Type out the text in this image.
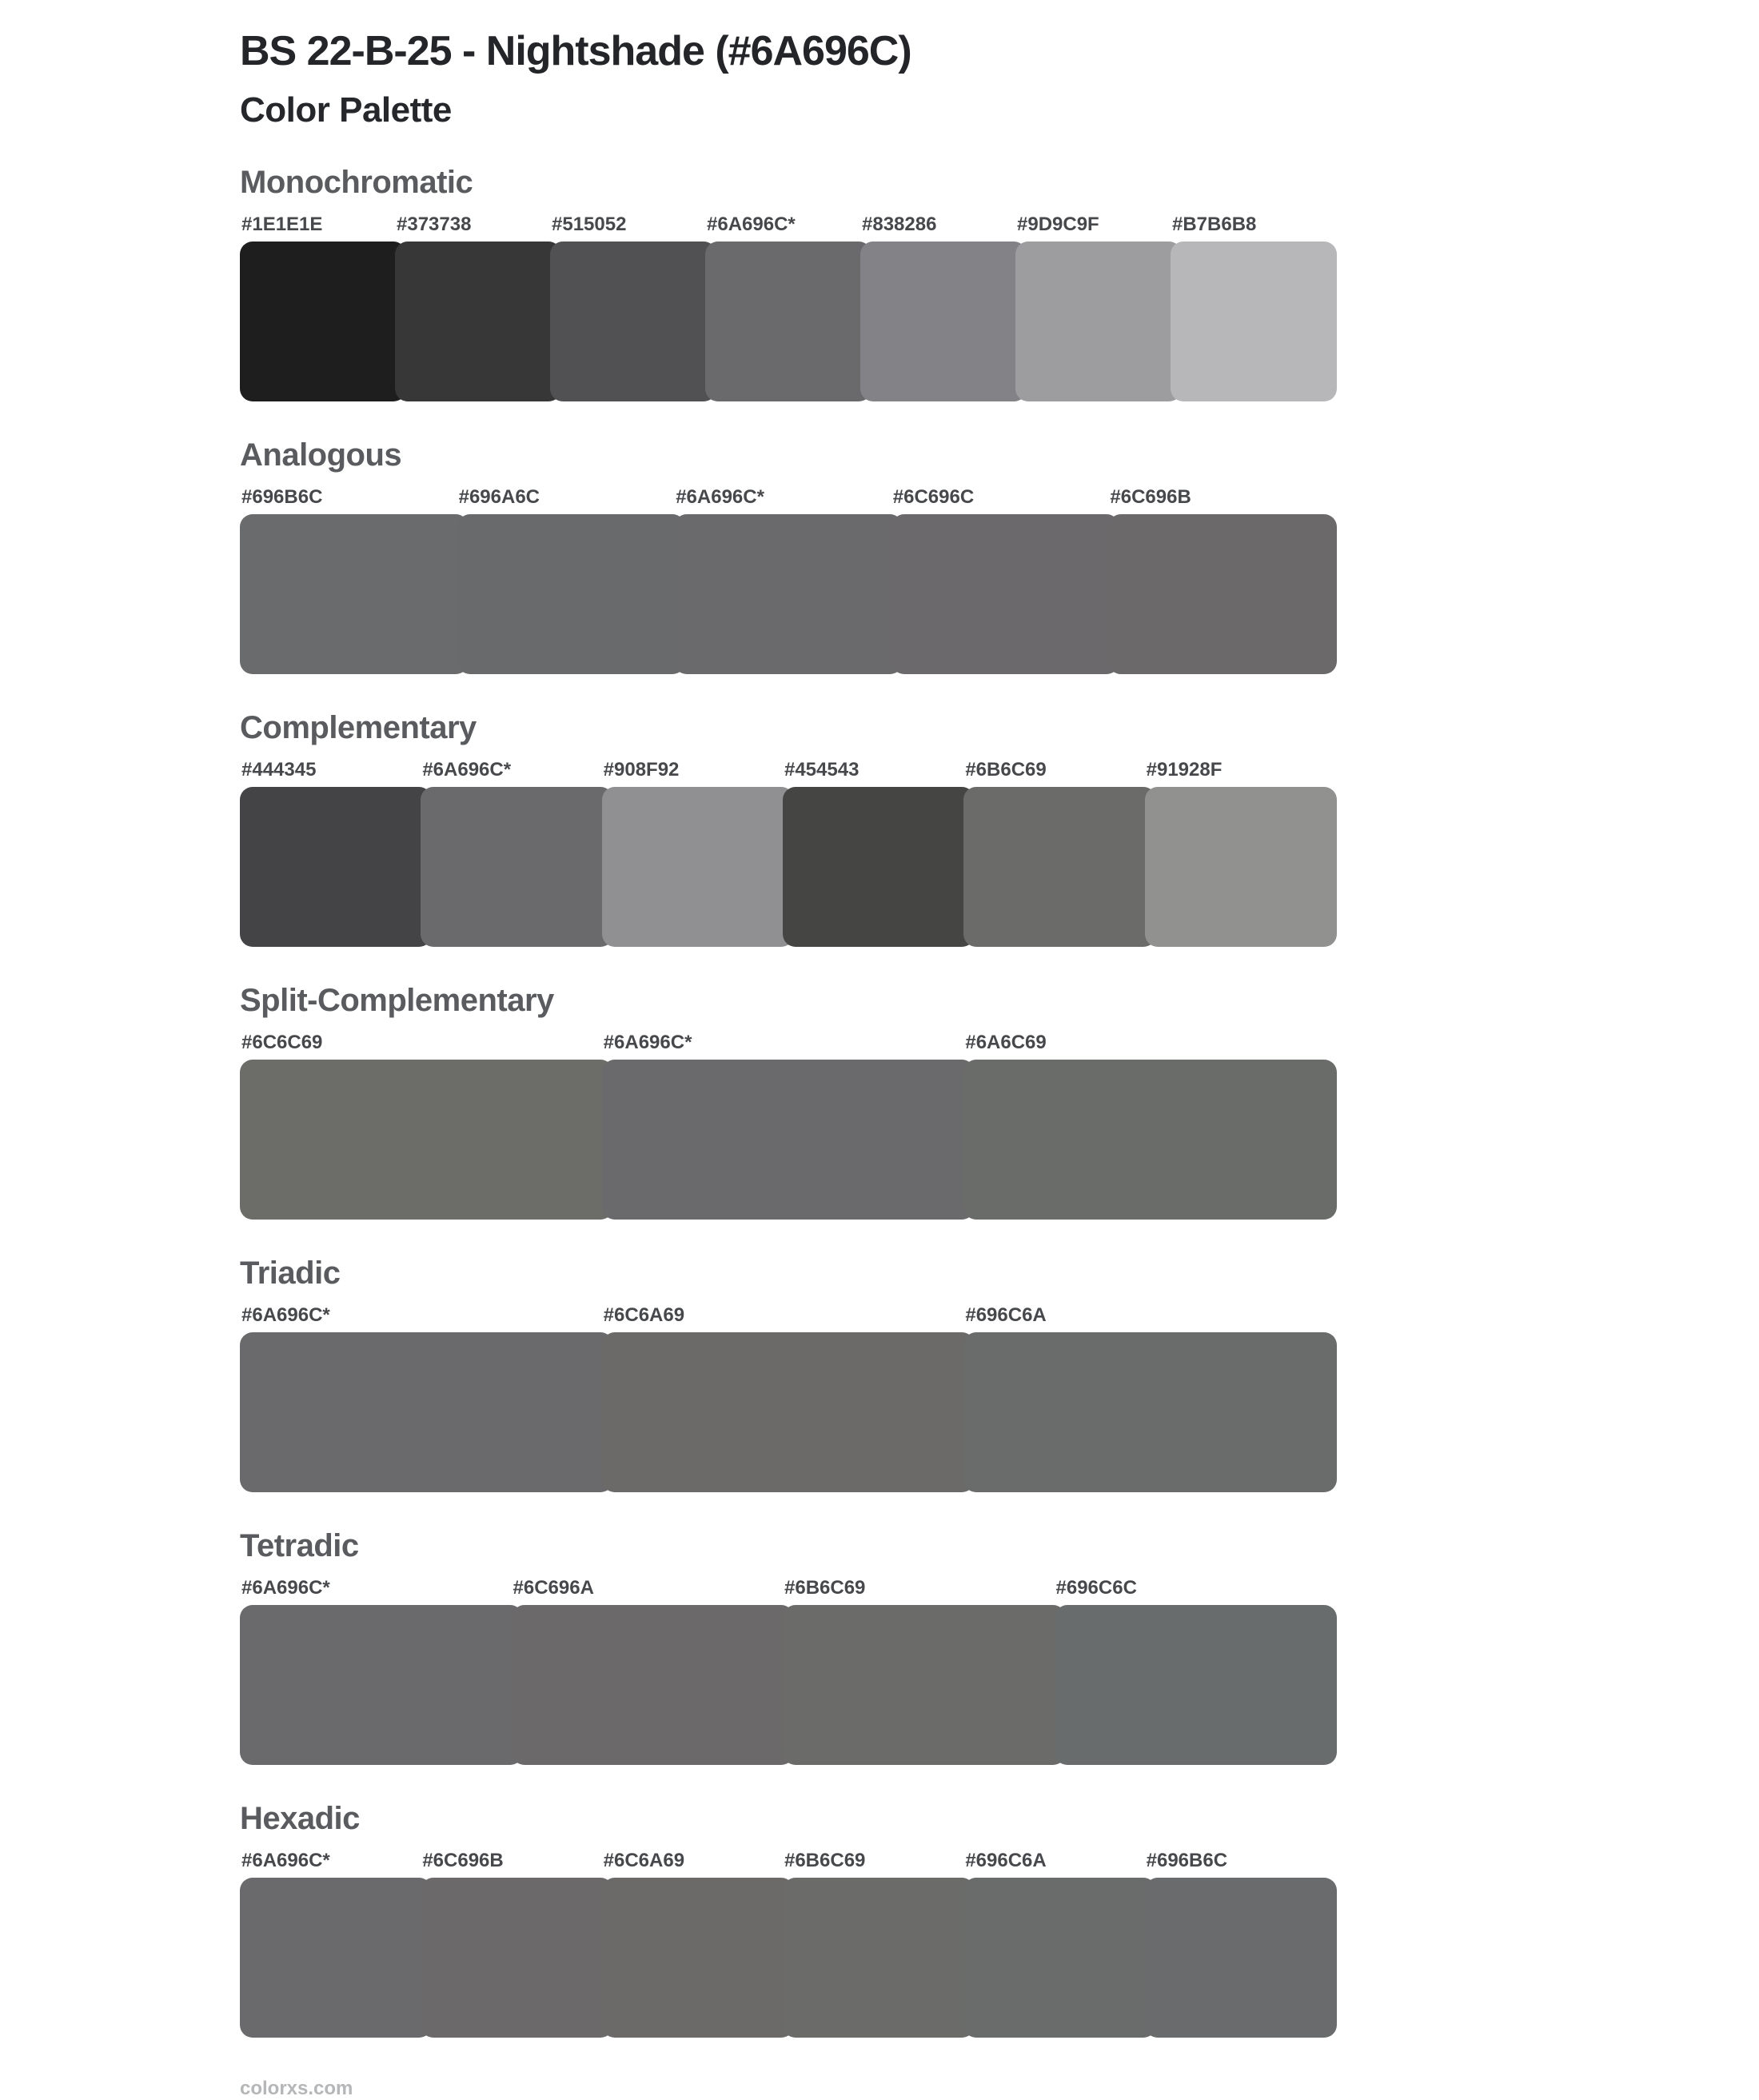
BS 22-B-25 - Nightshade (#6A696C)
Color Palette
Monochromatic
#1E1E1E	#373738	#515052	#6A696C*	#838286	#9D9C9F	#B7B6B8
Analogous
#696B6C	#696A6C	#6A696C*	#6C696C	#6C696B
Complementary
#444345	#6A696C*	#908F92	#454543	#6B6C69	#91928F
Split-Complementary
#6C6C69	#6A696C*	#6A6C69
Triadic
#6A696C*	#6C6A69	#696C6A
Tetradic
#6A696C*	#6C696A	#6B6C69	#696C6C
Hexadic
#6A696C*	#6C696B	#6C6A69	#6B6C69	#696C6A	#696B6C
colorxs.com
